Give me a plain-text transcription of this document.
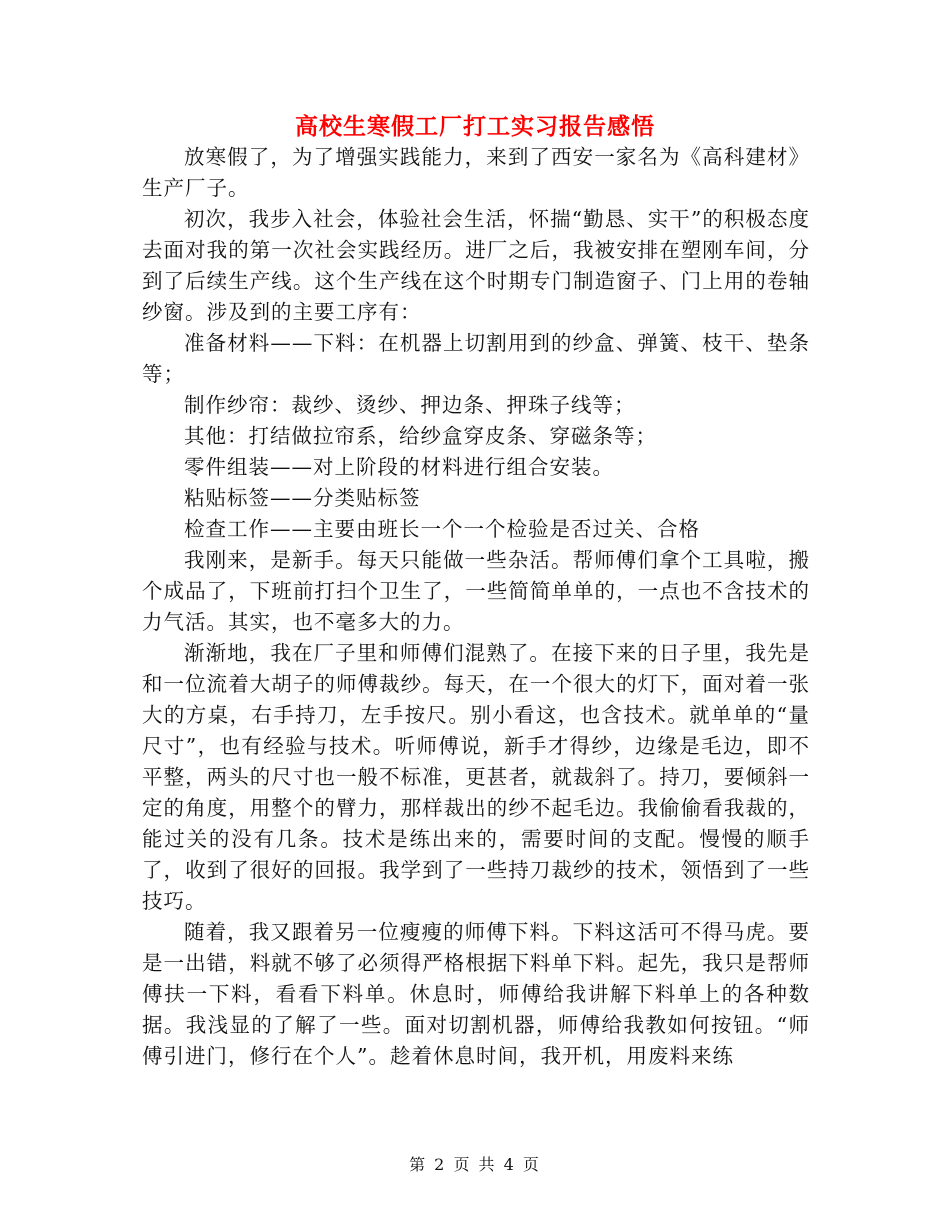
高校生寒假工厂打工实习报告感悟

放寒假了，为了增强实践能力，来到了西安一家名为《高科建材》生产厂子。

初次，我步入社会，体验社会生活，怀揣“勤恳、实干”的积极态度去面对我的第一次社会实践经历。进厂之后，我被安排在塑刚车间，分到了后续生产线。这个生产线在这个时期专门制造窗子、门上用的卷轴纱窗。涉及到的主要工序有：

准备材料——下料：在机器上切割用到的纱盒、弹簧、枝干、垫条等；

制作纱帘：裁纱、烫纱、押边条、押珠子线等；

其他：打结做拉帘系，给纱盒穿皮条、穿磁条等；

零件组装——对上阶段的材料进行组合安装。

粘贴标签——分类贴标签

检查工作——主要由班长一个一个检验是否过关、合格

我刚来，是新手。每天只能做一些杂活。帮师傅们拿个工具啦，搬个成品了，下班前打扫个卫生了，一些简简单单的，一点也不含技术的力气活。其实，也不毫多大的力。

渐渐地，我在厂子里和师傅们混熟了。在接下来的日子里，我先是和一位流着大胡子的师傅裁纱。每天，在一个很大的灯下，面对着一张大的方桌，右手持刀，左手按尺。别小看这，也含技术。就单单的“量尺寸”，也有经验与技术。听师傅说，新手才得纱，边缘是毛边，即不平整，两头的尺寸也一般不标准，更甚者，就裁斜了。持刀，要倾斜一定的角度，用整个的臂力，那样裁出的纱不起毛边。我偷偷看我裁的，能过关的没有几条。技术是练出来的，需要时间的支配。慢慢的顺手了，收到了很好的回报。我学到了一些持刀裁纱的技术，领悟到了一些技巧。

随着，我又跟着另一位瘦瘦的师傅下料。下料这活可不得马虎。要是一出错，料就不够了必须得严格根据下料单下料。起先，我只是帮师傅扶一下料，看看下料单。休息时，师傅给我讲解下料单上的各种数据。我浅显的了解了一些。面对切割机器，师傅给我教如何按钮。“师傅引进门，修行在个人”。趁着休息时间，我开机，用废料来练

第 2 页 共 4 页
